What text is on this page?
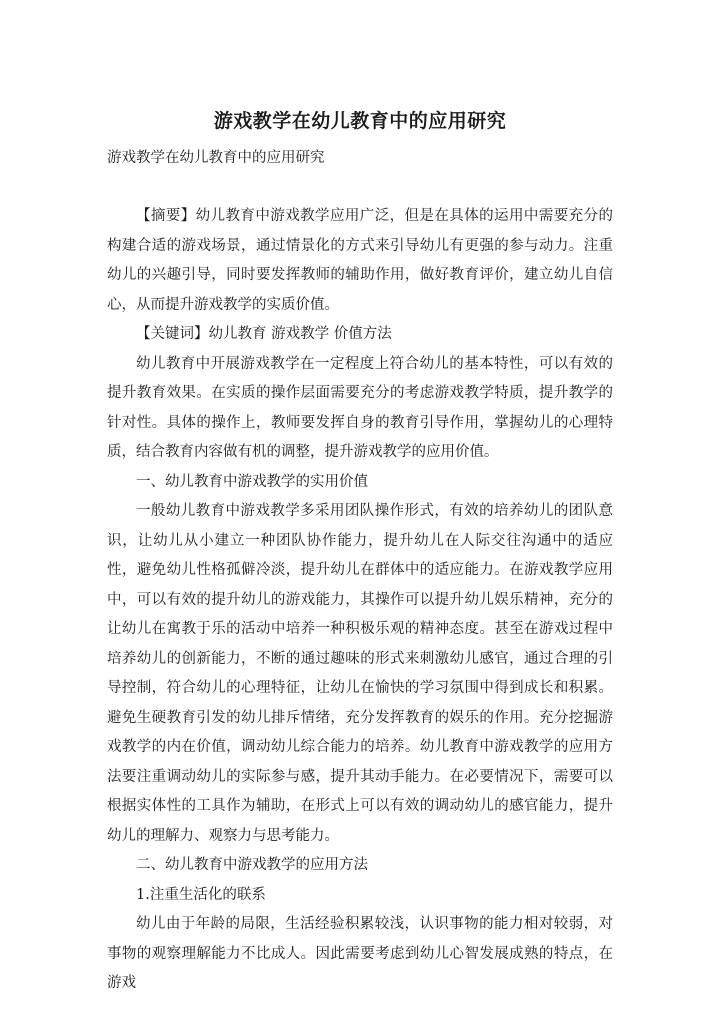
游戏教学在幼儿教育中的应用研究
游戏教学在幼儿教育中的应用研究

【摘要】幼儿教育中游戏教学应用广泛，但是在具体的运用中需要充分的构建合适的游戏场景，通过情景化的方式来引导幼儿有更强的参与动力。注重幼儿的兴趣引导，同时要发挥教师的辅助作用，做好教育评价，建立幼儿自信心，从而提升游戏教学的实质价值。

【关键词】幼儿教育 游戏教学 价值方法

幼儿教育中开展游戏教学在一定程度上符合幼儿的基本特性，可以有效的提升教育效果。在实质的操作层面需要充分的考虑游戏教学特质，提升教学的针对性。具体的操作上，教师要发挥自身的教育引导作用，掌握幼儿的心理特质，结合教育内容做有机的调整，提升游戏教学的应用价值。

一、幼儿教育中游戏教学的实用价值

一般幼儿教育中游戏教学多采用团队操作形式，有效的培养幼儿的团队意识，让幼儿从小建立一种团队协作能力，提升幼儿在人际交往沟通中的适应性，避免幼儿性格孤僻冷淡，提升幼儿在群体中的适应能力。在游戏教学应用中，可以有效的提升幼儿的游戏能力，其操作可以提升幼儿娱乐精神，充分的让幼儿在寓教于乐的活动中培养一种积极乐观的精神态度。甚至在游戏过程中培养幼儿的创新能力，不断的通过趣味的形式来刺激幼儿感官，通过合理的引导控制，符合幼儿的心理特征，让幼儿在愉快的学习氛围中得到成长和积累。避免生硬教育引发的幼儿排斥情绪，充分发挥教育的娱乐的作用。充分挖掘游戏教学的内在价值，调动幼儿综合能力的培养。幼儿教育中游戏教学的应用方法要注重调动幼儿的实际参与感，提升其动手能力。在必要情况下，需要可以根据实体性的工具作为辅助，在形式上可以有效的调动幼儿的感官能力，提升幼儿的理解力、观察力与思考能力。

二、幼儿教育中游戏教学的应用方法

1.注重生活化的联系

幼儿由于年龄的局限，生活经验积累较浅，认识事物的能力相对较弱，对事物的观察理解能力不比成人。因此需要考虑到幼儿心智发展成熟的特点，在游戏
